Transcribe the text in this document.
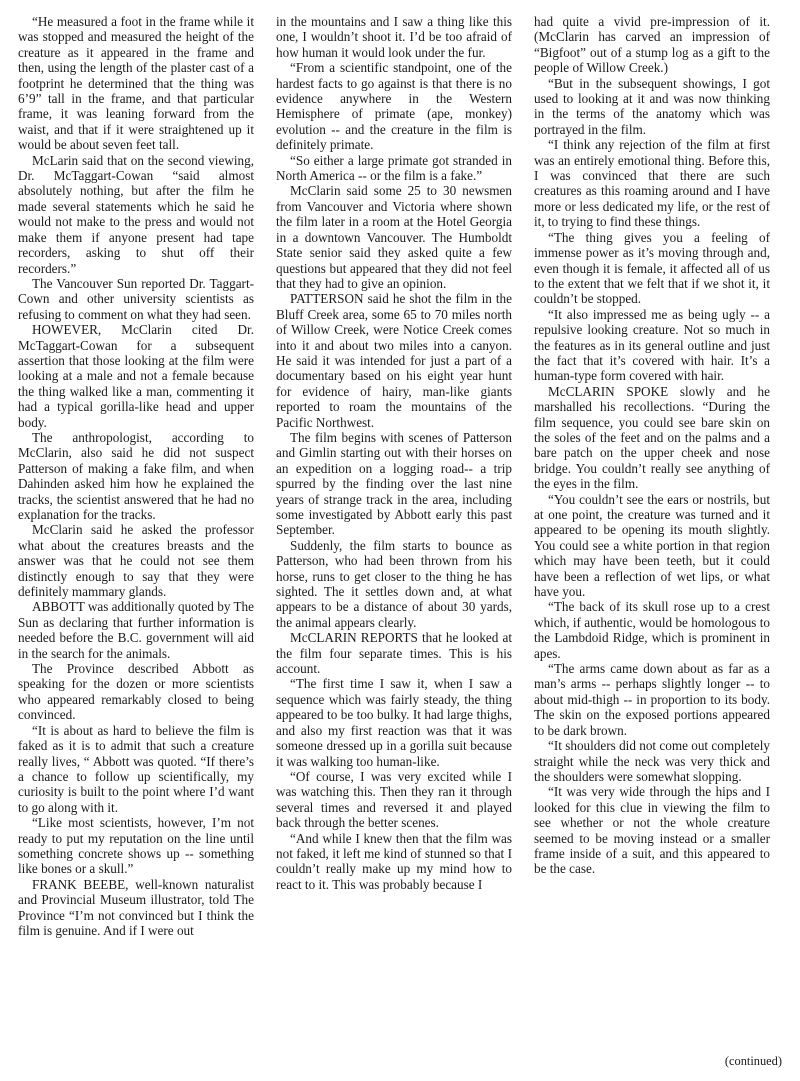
“He measured a foot in the frame while it was stopped and measured the height of the creature as it appeared in the frame and then, using the length of the plaster cast of a footprint he determined that the thing was 6’9” tall in the frame, and that particular frame, it was leaning forward from the waist, and that if it were straightened up it would be about seven feet tall.

McLarin said that on the second viewing, Dr. McTaggart-Cowan “said almost absolutely nothing, but after the film he made several statements which he said he would not make to the press and would not make them if anyone present had tape recorders, asking to shut off their recorders.”

The Vancouver Sun reported Dr. Taggart-Cown and other university scientists as refusing to comment on what they had seen.

HOWEVER, McClarin cited Dr. McTaggart-Cowan for a subsequent assertion that those looking at the film were looking at a male and not a female because the thing walked like a man, commenting it had a typical gorilla-like head and upper body.

The anthropologist, according to McClarin, also said he did not suspect Patterson of making a fake film, and when Dahinden asked him how he explained the tracks, the scientist answered that he had no explanation for the tracks.

McClarin said he asked the professor what about the creatures breasts and the answer was that he could not see them distinctly enough to say that they were definitely mammary glands.

ABBOTT was additionally quoted by The Sun as declaring that further information is needed before the B.C. government will aid in the search for the animals.

The Province described Abbott as speaking for the dozen or more scientists who appeared remarkably closed to being convinced.

“It is about as hard to believe the film is faked as it is to admit that such a creature really lives, “ Abbott was quoted. “If there’s a chance to follow up scientifically, my curiosity is built to the point where I’d want to go along with it.

“Like most scientists, however, I’m not ready to put my reputation on the line until something concrete shows up -- something like bones or a skull.”

FRANK BEEBE, well-known naturalist and Provincial Museum illustrator, told The Province “I’m not convinced but I think the film is genuine. And if I were out

in the mountains and I saw a thing like this one, I wouldn’t shoot it. I’d be too afraid of how human it would look under the fur.

“From a scientific standpoint, one of the hardest facts to go against is that there is no evidence anywhere in the Western Hemisphere of primate (ape, monkey) evolution -- and the creature in the film is definitely primate.

“So either a large primate got stranded in North America -- or the film is a fake.”

McClarin said some 25 to 30 newsmen from Vancouver and Victoria where shown the film later in a room at the Hotel Georgia in a downtown Vancouver. The Humboldt State senior said they asked quite a few questions but appeared that they did not feel that they had to give an opinion.

PATTERSON said he shot the film in the Bluff Creek area, some 65 to 70 miles north of Willow Creek, were Notice Creek comes into it and about two miles into a canyon. He said it was intended for just a part of a documentary based on his eight year hunt for evidence of hairy, man-like giants reported to roam the mountains of the Pacific Northwest.

The film begins with scenes of Patterson and Gimlin starting out with their horses on an expedition on a logging road-- a trip spurred by the finding over the last nine years of strange track in the area, including some investigated by Abbott early this past September.

Suddenly, the film starts to bounce as Patterson, who had been thrown from his horse, runs to get closer to the thing he has sighted. The it settles down and, at what appears to be a distance of about 30 yards, the animal appears clearly.

McCLARIN REPORTS that he looked at the film four separate times. This is his account.

“The first time I saw it, when I saw a sequence which was fairly steady, the thing appeared to be too bulky. It had large thighs, and also my first reaction was that it was someone dressed up in a gorilla suit because it was walking too human-like.

“Of course, I was very excited while I was watching this. Then they ran it through several times and reversed it and played back through the better scenes.

“And while I knew then that the film was not faked, it left me kind of stunned so that I couldn’t really make up my mind how to react to it. This was probably because I

had quite a vivid pre-impression of it. (McClarin has carved an impression of “Bigfoot” out of a stump log as a gift to the people of Willow Creek.)

“But in the subsequent showings, I got used to looking at it and was now thinking in the terms of the anatomy which was portrayed in the film.

“I think any rejection of the film at first was an entirely emotional thing. Before this, I was convinced that there are such creatures as this roaming around and I have more or less dedicated my life, or the rest of it, to trying to find these things.

“The thing gives you a feeling of immense power as it’s moving through and, even though it is female, it affected all of us to the extent that we felt that if we shot it, it couldn’t be stopped.

“It also impressed me as being ugly -- a repulsive looking creature. Not so much in the features as in its general outline and just the fact that it’s covered with hair. It’s a human-type form covered with hair.

McCLARIN SPOKE slowly and he marshalled his recollections. “During the film sequence, you could see bare skin on the soles of the feet and on the palms and a bare patch on the upper cheek and nose bridge. You couldn’t really see anything of the eyes in the film.

“You couldn’t see the ears or nostrils, but at one point, the creature was turned and it appeared to be opening its mouth slightly. You could see a white portion in that region which may have been teeth, but it could have been a reflection of wet lips, or what have you.

“The back of its skull rose up to a crest which, if authentic, would be homologous to the Lambdoid Ridge, which is prominent in apes.

“The arms came down about as far as a man’s arms -- perhaps slightly longer -- to about mid-thigh -- in proportion to its body. The skin on the exposed portions appeared to be dark brown.

“It shoulders did not come out completely straight while the neck was very thick and the shoulders were somewhat slopping.

“It was very wide through the hips and I looked for this clue in viewing the film to see whether or not the whole creature seemed to be moving instead or a smaller frame inside of a suit, and this appeared to be the case.

(continued)
